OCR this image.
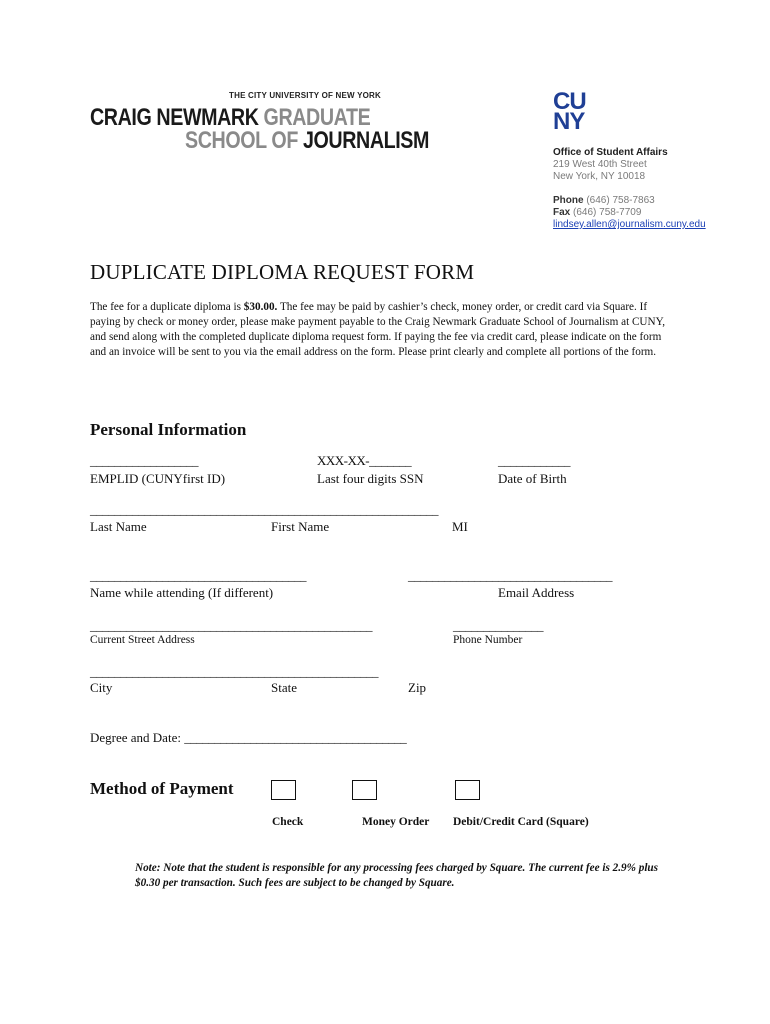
THE CITY UNIVERSITY OF NEW YORK
CRAIG NEWMARK GRADUATE
SCHOOL OF JOURNALISM
CU
NY
Office of Student Affairs
219 West 40th Street
New York, NY 10018
Phone (646) 758-7863
Fax (646) 758-7709
lindsey.allen@journalism.cuny.edu
DUPLICATE DIPLOMA REQUEST FORM
The fee for a duplicate diploma is $30.00. The fee may be paid by cashier’s check, money order, or credit card via Square. If paying by check or money order, please make payment payable to the Craig Newmark Graduate School of Journalism at CUNY, and send along with the completed duplicate diploma request form. If paying the fee via credit card, please indicate on the form and an invoice will be sent to you via the email address on the form. Please print clearly and complete all portions of the form.
Personal Information
__________________
EMPLID (CUNYfirst ID)
XXX-XX-_______
Last four digits SSN
____________
Date of Birth
__________________________________________________________
Last Name	First Name	MI
____________________________________
Name while attending (If different)
__________________________________
Email Address
_______________________________________________
Current Street Address
_______________
Phone Number
________________________________________________
City	State	Zip
Degree and Date: _____________________________________
Method of Payment
Check	Money Order Debit/Credit Card (Square)
Note: Note that the student is responsible for any processing fees charged by Square. The current fee is 2.9% plus $0.30 per transaction. Such fees are subject to be changed by Square.
